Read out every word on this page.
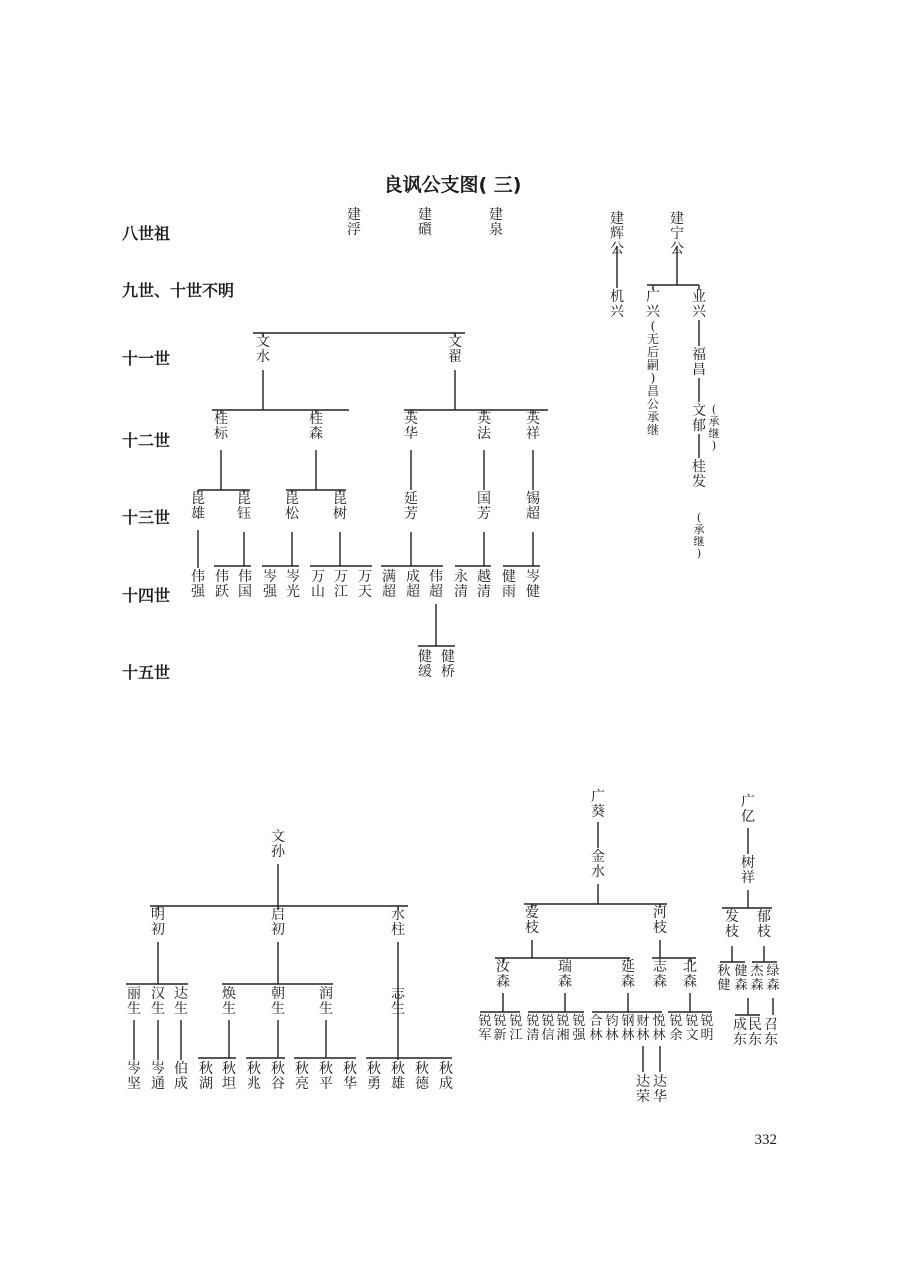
良讽公支图( 三)
八世祖
九世、十世不明
十一世
十二世
十三世
十四世
十五世
建浮
建礩
建泉
建辉公
机兴
建宁公
广兴
(无后嗣)昌公承继
业兴
福昌
(承继)
文郁
桂发
(承继)
文水
文翟
桂标
桂森
英华
英法
英祥
昆雄
昆钰
昆松
昆树
延芳
国芳
锡超
伟强
伟跃
伟国
岑强
岑光
万山
万江
万天
满超
成超
伟超
永清
越清
健雨
岑健
健缓
健桥
文孙
明初
启初
水柱
丽生
汉生
达生
焕生
朝生
润生
志生
岑坚
岑通
伯成
秋湖
秋坦
秋兆
秋谷
秋亮
秋平
秋华
秋勇
秋雄
秋德
秋成
广葵
金水
爱枝
河枝
汝森
瑞森
延森
志森
北森
锐军
锐新
锐江
锐清
锐信
锐湘
锐强
合林
钧林
钢林
财林
悦林
锐余
锐文
锐明
达荣
达华
广亿
树祥
发枝
郁枝
秋健
健森
杰森
绿森
成东
民东
召东
332
